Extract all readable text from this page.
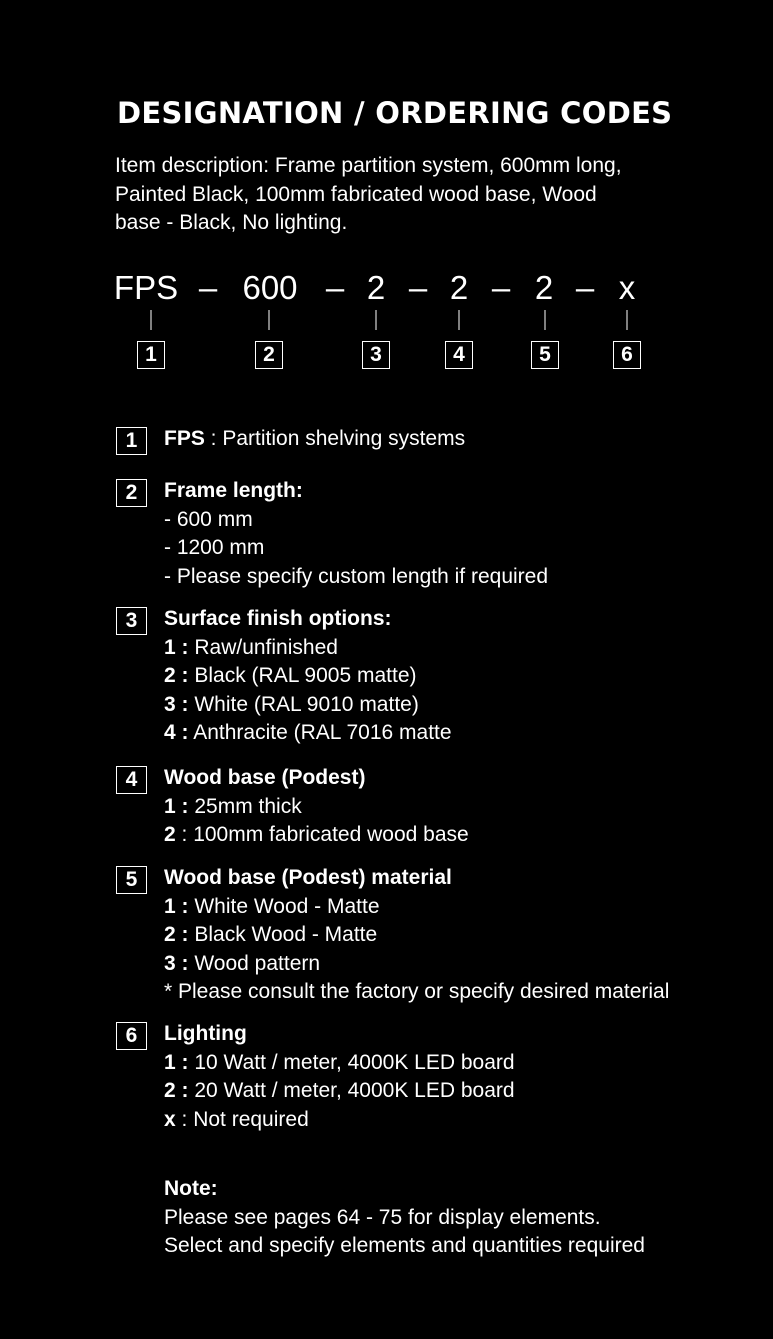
DESIGNATION / ORDERING CODES
Item description: Frame partition system, 600mm long, Painted Black, 100mm fabricated wood base, Wood base - Black, No lighting.
FPS – 600 – 2 – 2 – 2 – x
1	2	3	4	5	6
1	FPS : Partition shelving systems
2	Frame length:
- 600 mm
- 1200 mm
- Please specify custom length if required
3	Surface finish options:
1 : Raw/unfinished
2 : Black (RAL 9005 matte)
3 : White (RAL 9010 matte)
4 : Anthracite (RAL 7016 matte
4	Wood base (Podest)
1 : 25mm thick
2 : 100mm fabricated wood base
5	Wood base (Podest) material
1 : White Wood - Matte
2 : Black Wood - Matte
3 : Wood pattern
* Please consult the factory or specify desired material
6	Lighting
1 : 10 Watt / meter, 4000K LED board
2 : 20 Watt / meter, 4000K LED board
x : Not required
Note:
Please see pages 64 - 75 for display elements.
Select and specify elements and quantities required
